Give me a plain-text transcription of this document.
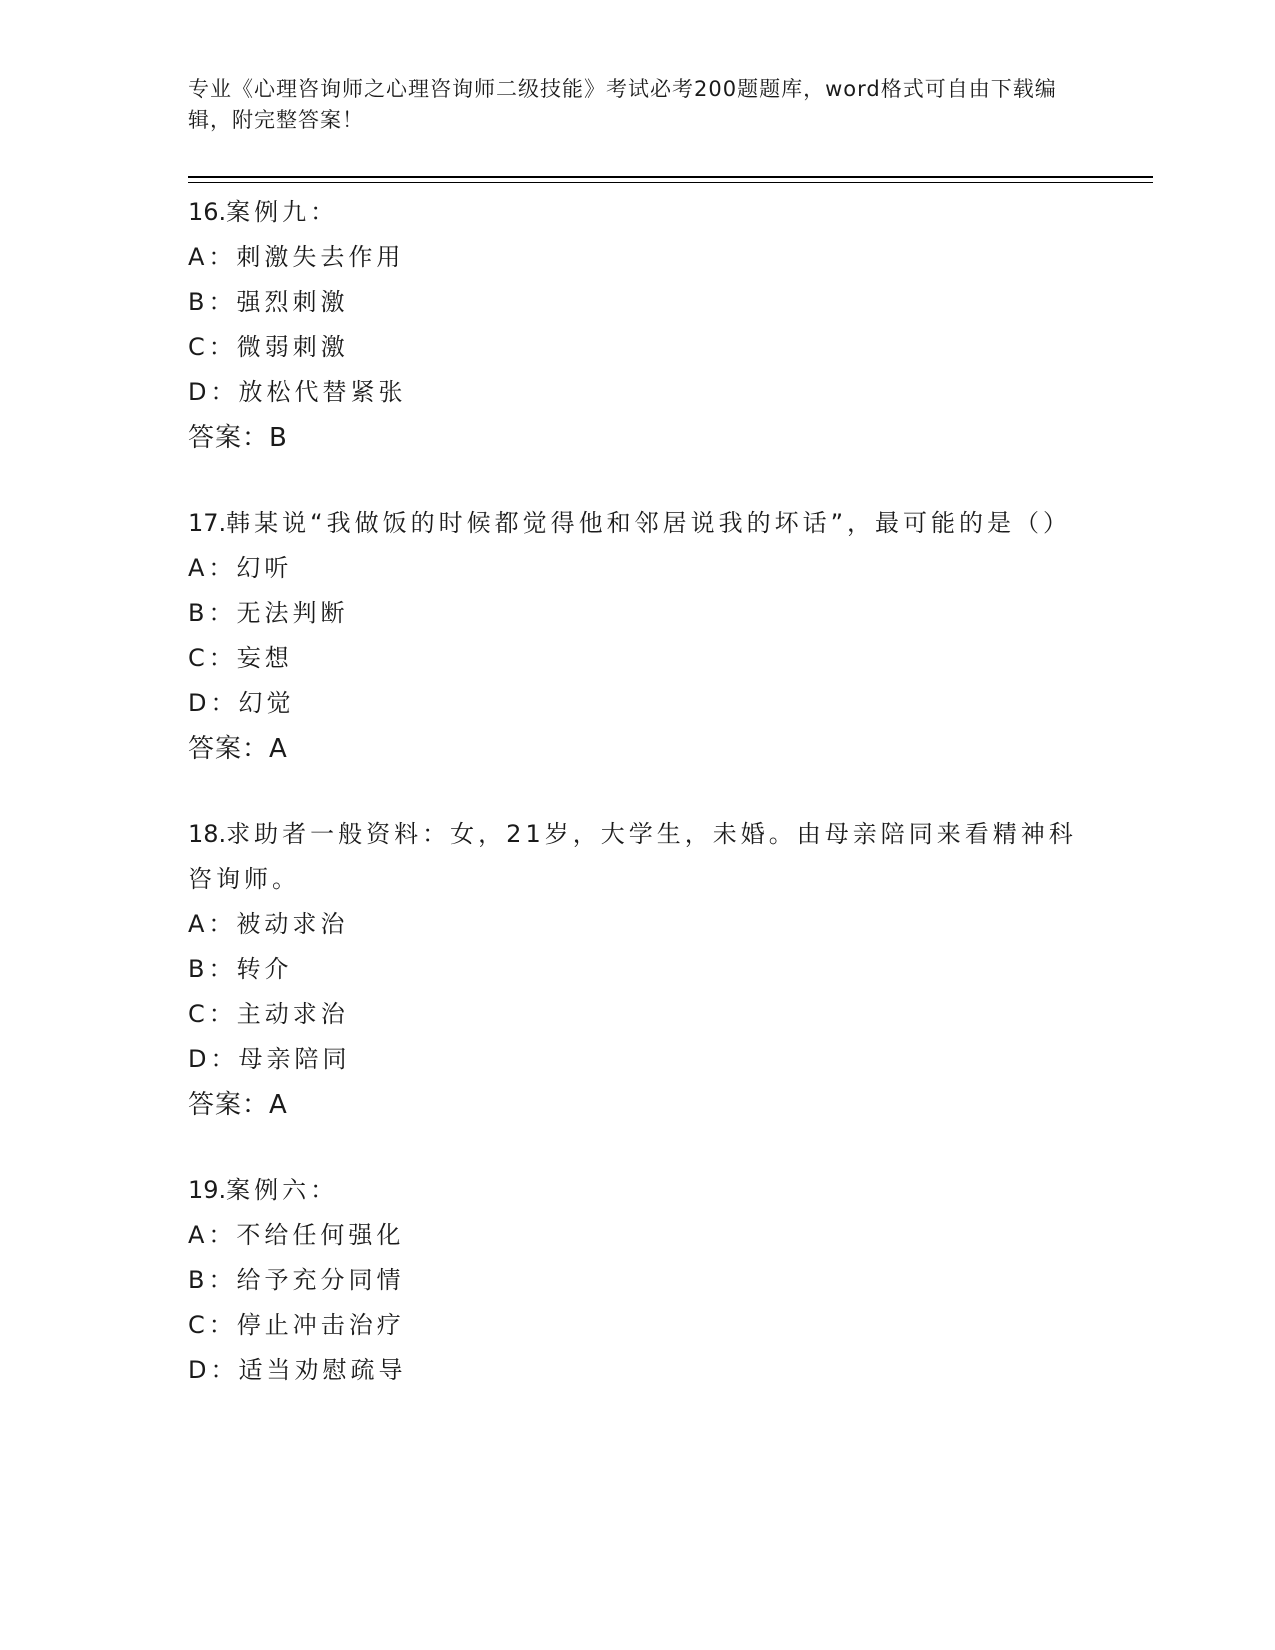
专业《心理咨询师之心理咨询师二级技能》考试必考200题题库，word格式可自由下载编辑，附完整答案！
16.案例九：
A：刺激失去作用
B：强烈刺激
C：微弱刺激
D：放松代替紧张
答案：B
17.韩某说“我做饭的时候都觉得他和邻居说我的坏话”，最可能的是（）
A：幻听
B：无法判断
C：妄想
D：幻觉
答案：A
18.求助者一般资料：女，21岁，大学生，未婚。由母亲陪同来看精神科咨询师。
A：被动求治
B：转介
C：主动求治
D：母亲陪同
答案：A
19.案例六：
A：不给任何强化
B：给予充分同情
C：停止冲击治疗
D：适当劝慰疏导
